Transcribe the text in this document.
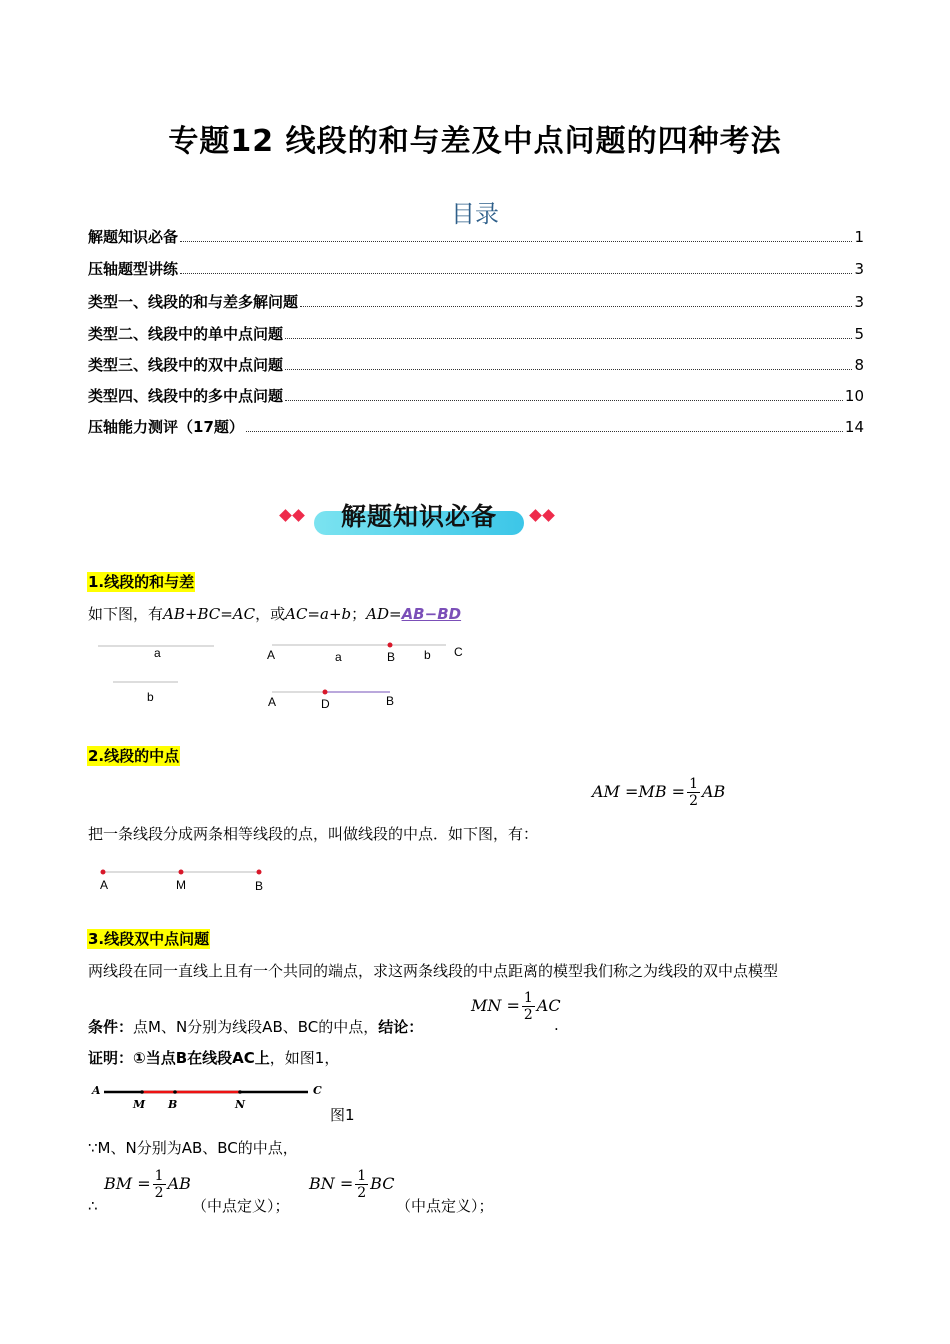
专题12 线段的和与差及中点问题的四种考法
目录
解题知识必备	1
压轴题型讲练	3
类型一、线段的和与差多解问题	3
类型二、线段中的单中点问题	5
类型三、线段中的双中点问题	8
类型四、线段中的多中点问题	10
压轴能力测评（17题）	14
解题知识必备
1.线段的和与差
如下图，有AB+BC=AC，或AC=a+b；AD=AB−BD
a
b
A	a	B b C
A	D	B
2.线段的中点
AM $=MB = \frac{1}{2}$ AB
把一条线段分成两条相等线段的点，叫做线段的中点．如下图，有：
A	M	B
3.线段双中点问题
两线段在同一直线上且有一个共同的端点，求这两条线段的中点距离的模型我们称之为线段的双中点模型
条件：点M、N分别为线段AB、BC的中点，结论：
MN = $\frac{1}{2}$ AC
.
证明：①当点B在线段AC上，如图1，
A
M B	N
C
图1
∵M、N分别为AB、BC的中点，
∴
BM = $\frac{1}{2}$ AB
（中点定义）；
BN = $\frac{1}{2}$ BC
（中点定义）；
